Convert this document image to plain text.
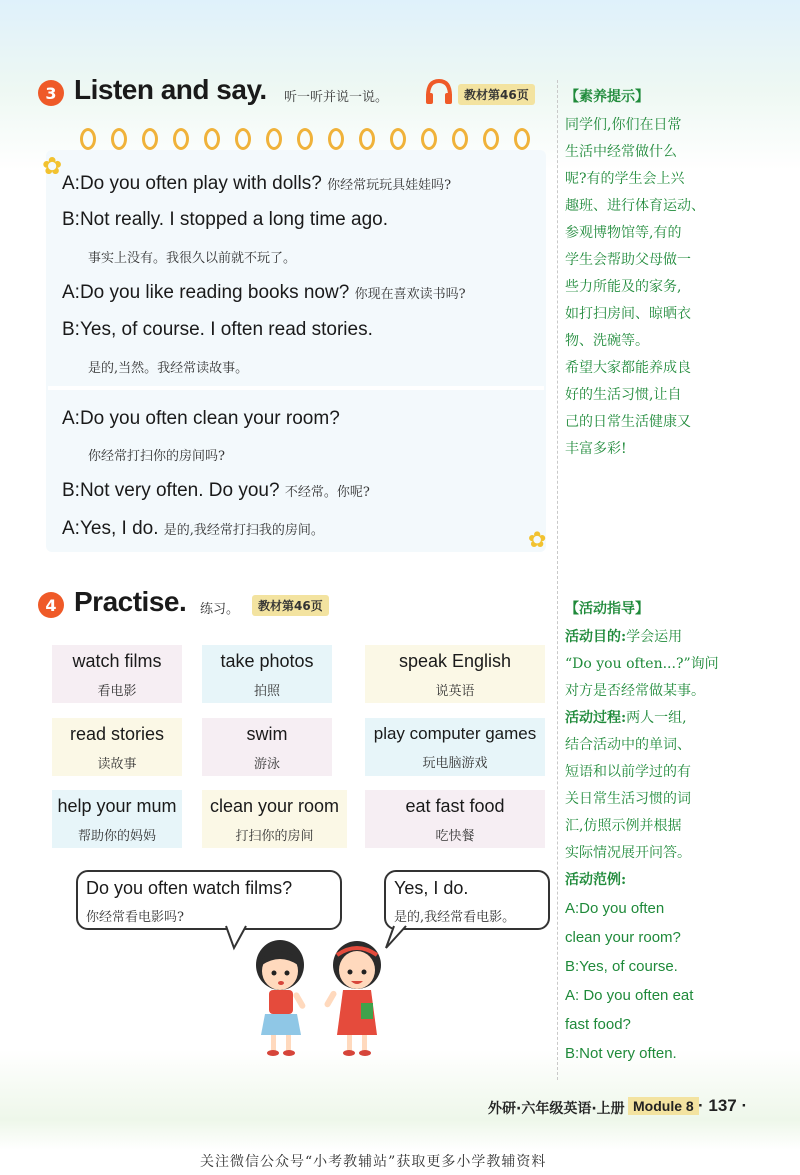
3 Listen and say. 听一听并说一说。	教材第46页
✿
✿
A:Do you often play with dolls? 你经常玩玩具娃娃吗?
B:Not really. I stopped a long time ago.
事实上没有。我很久以前就不玩了。
A:Do you like reading books now? 你现在喜欢读书吗?
B:Yes, of course. I often read stories.
是的,当然。我经常读故事。
A:Do you often clean your room?
你经常打扫你的房间吗?
B:Not very often. Do you? 不经常。你呢?
A:Yes, I do. 是的,我经常打扫我的房间。
【素养提示】
同学们,你们在日常
生活中经常做什么
呢?有的学生会上兴
趣班、进行体育运动、
参观博物馆等,有的
学生会帮助父母做一
些力所能及的家务,
如打扫房间、晾晒衣
物、洗碗等。
希望大家都能养成良
好的生活习惯,让自
己的日常生活健康又
丰富多彩!
4 Practise. 练习。	教材第46页
watch films
看电影
take photos
拍照
speak English
说英语
read stories
读故事
swim
游泳
play computer games
玩电脑游戏
help your mum
帮助你的妈妈
clean your room
打扫你的房间
eat fast food
吃快餐
Do you often watch films?
你经常看电影吗?
Yes, I do.
是的,我经常看电影。
【活动指导】
活动目的:学会运用
“Do you often...?”询问
对方是否经常做某事。
活动过程:两人一组,
结合活动中的单词、
短语和以前学过的有
关日常生活习惯的词
汇,仿照示例并根据
实际情况展开问答。
活动范例:
A:Do you often
clean your room?
B:Yes, of course.
A: Do you often eat
fast food?
B:Not very often.
外研·六年级英语·上册 Module 8 · 137 ·
关注微信公众号“小考教辅站”获取更多小学教辅资料
